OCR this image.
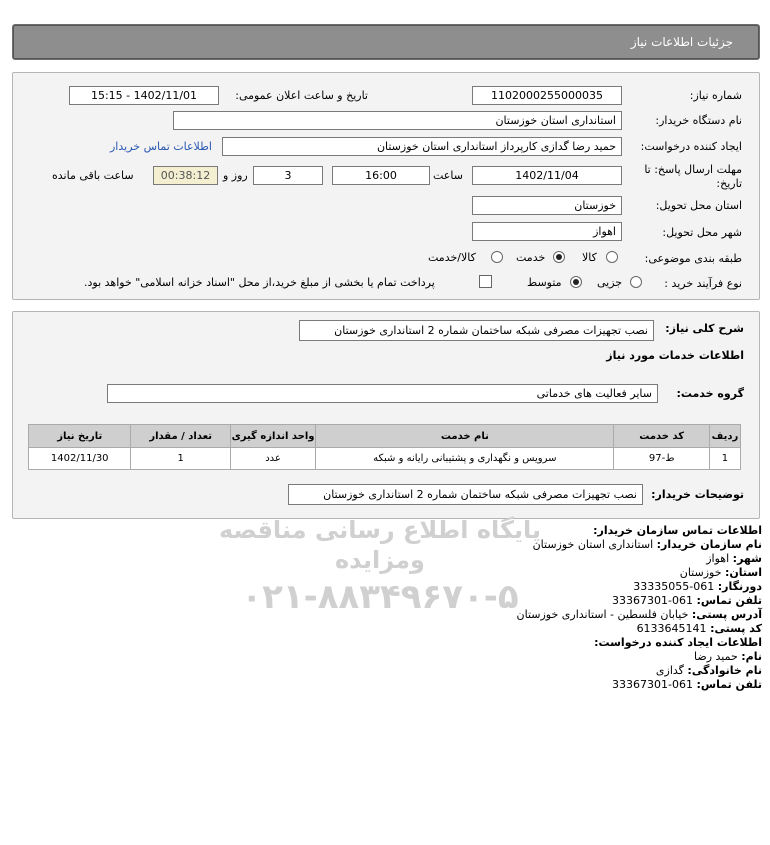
جزئیات اطلاعات نیاز
شماره نیاز:
1102000255000035
تاریخ و ساعت اعلان عمومی:
1402/11/01 - 15:15
نام دستگاه خریدار:
استانداری استان خوزستان
ایجاد کننده درخواست:
حمید رضا گدازی کارپرداز استانداری استان خوزستان
اطلاعات تماس خریدار
مهلت ارسال پاسخ: تا تاریخ:
1402/11/04
ساعت
16:00
3
روز و
00:38:12
ساعت باقی مانده
استان محل تحویل:
خوزستان
شهر محل تحویل:
اهواز
طبقه بندی موضوعی:
کالا
خدمت
کالا/خدمت
نوع فرآیند خرید :
جزیی
متوسط
پرداخت تمام یا بخشی از مبلغ خرید،از محل "اسناد خزانه اسلامی" خواهد بود.
شرح کلی نیاز:
نصب تجهیزات مصرفی شبکه ساختمان شماره 2 استانداری خوزستان
اطلاعات خدمات مورد نیاز
گروه خدمت:
سایر فعالیت های خدماتی
ردیف	کد خدمت	نام خدمت	واحد اندازه گیری	تعداد / مقدار	تاریخ نیاز
1	ط-97	سرویس و نگهداری و پشتیبانی رایانه و شبکه	عدد	1	1402/11/30
توضیحات خریدار:
نصب تجهیزات مصرفی شبکه ساختمان شماره 2 استانداری خوزستان
پایگاه اطلاع رسانی مناقصه ومزایده
۰۲۱-۸۸۳۴۹۶۷۰-۵
اطلاعات تماس سازمان خریدار:
نام سازمان خریدار: استانداری استان خوزستان
شهر: اهواز
استان: خوزستان
دورنگار: 061-33335055
تلفن تماس: 061-33367301
آدرس پستی: خیابان فلسطین - استانداری خوزستان
کد پستی: 6133645141
اطلاعات ایجاد کننده درخواست:
نام: حمید رضا
نام خانوادگی: گدازی
تلفن تماس: 061-33367301
